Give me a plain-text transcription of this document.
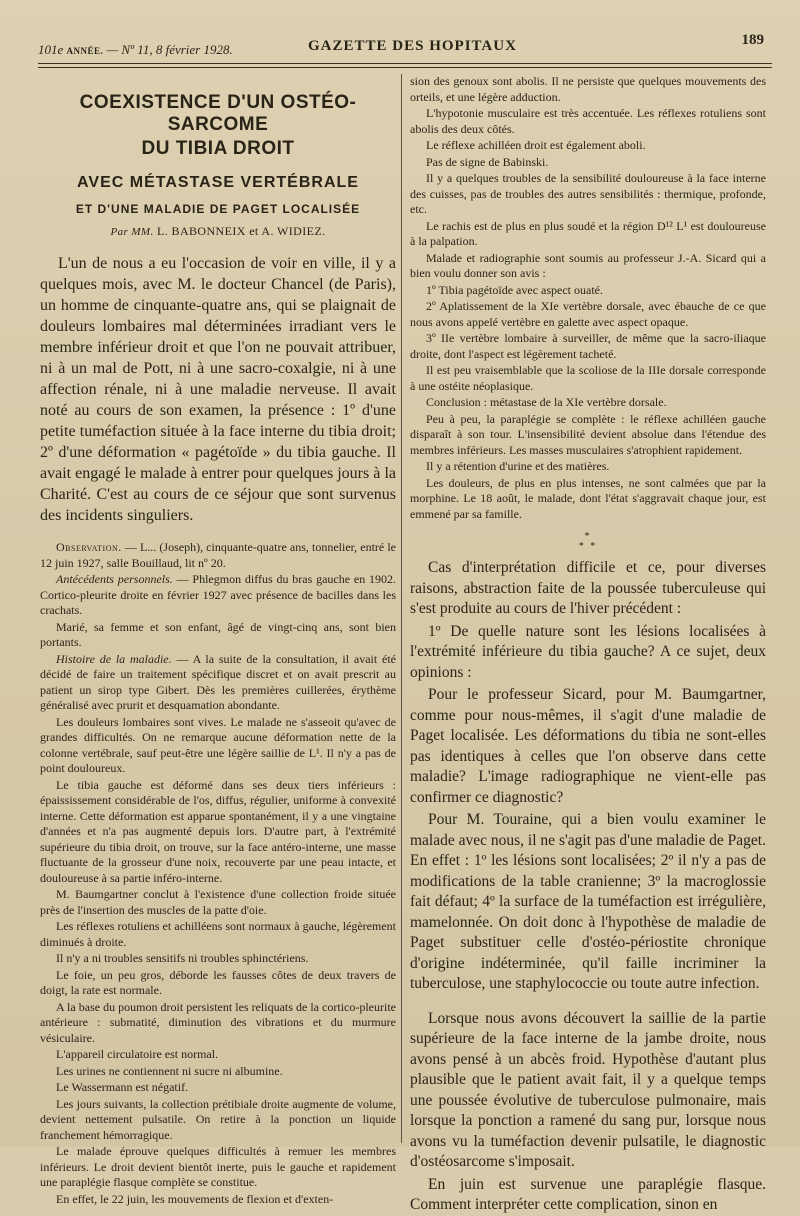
101e ANNÉE. — Nº 11, 8 février 1928.	GAZETTE DES HOPITAUX	189
COEXISTENCE D'UN OSTÉO-SARCOME
DU TIBIA DROIT
AVEC MÉTASTASE VERTÉBRALE
ET D'UNE MALADIE DE PAGET LOCALISÉE
Par MM. L. BABONNEIX et A. WIDIEZ.
L'un de nous a eu l'occasion de voir en ville, il y a quelques mois, avec M. le docteur Chancel (de Paris), un homme de cinquante-quatre ans, qui se plaignait de douleurs lombaires mal déterminées irradiant vers le membre inférieur droit et que l'on ne pouvait attribuer, ni à un mal de Pott, ni à une sacro-coxalgie, ni à une affection rénale, ni à une maladie nerveuse. Il avait noté au cours de son examen, la présence : 1º d'une petite tuméfaction située à la face interne du tibia droit; 2º d'une déformation « pagétoïde » du tibia gauche. Il avait engagé le malade à entrer pour quelques jours à la Charité. C'est au cours de ce séjour que sont survenus des incidents singuliers.

Observation. — L... (Joseph), cinquante-quatre ans, tonnelier, entré le 12 juin 1927, salle Bouillaud, lit nº 20.

Antécédents personnels. — Phlegmon diffus du bras gauche en 1902. Cortico-pleurite droite en février 1927 avec présence de bacilles dans les crachats.

Marié, sa femme et son enfant, âgé de vingt-cinq ans, sont bien portants.

Histoire de la maladie. — A la suite de la consultation, il avait été décidé de faire un traitement spécifique discret et on avait prescrit au patient un sirop type Gibert. Dès les premières cuillerées, érythème généralisé avec prurit et desquamation abondante.

Les douleurs lombaires sont vives. Le malade ne s'asseoit qu'avec de grandes difficultés. On ne remarque aucune déformation nette de la colonne vertébrale, sauf peut-être une légère saillie de L¹. Il n'y a pas de point douloureux.

Le tibia gauche est déformé dans ses deux tiers inférieurs : épaississement considérable de l'os, diffus, régulier, uniforme à convexité interne. Cette déformation est apparue spontanément, il y a une vingtaine d'années et n'a pas augmenté depuis lors. D'autre part, à l'extrémité supérieure du tibia droit, on trouve, sur la face antéro-interne, une masse fluctuante de la grosseur d'une noix, recouverte par une peau intacte, et douloureuse à sa partie inféro-interne.

M. Baumgartner conclut à l'existence d'une collection froide située près de l'insertion des muscles de la patte d'oie.

Les réflexes rotuliens et achilléens sont normaux à gauche, légèrement diminués à droite.

Il n'y a ni troubles sensitifs ni troubles sphinctériens.

Le foie, un peu gros, déborde les fausses côtes de deux travers de doigt, la rate est normale.

A la base du poumon droit persistent les reliquats de la cortico-pleurite antérieure : submatité, diminution des vibrations et du murmure vésiculaire.

L'appareil circulatoire est normal.

Les urines ne contiennent ni sucre ni albumine.

Le Wassermann est négatif.

Les jours suivants, la collection prétibiale droite augmente de volume, devient nettement pulsatile. On retire à la ponction un liquide franchement hémorragique.

Le malade éprouve quelques difficultés à remuer les membres inférieurs. Le droit devient bientôt inerte, puis le gauche et rapidement une paraplégie flasque complète se constitue.

En effet, le 22 juin, les mouvements de flexion et d'exten-

sion des genoux sont abolis. Il ne persiste que quelques mouvements des orteils, et une légère adduction.

L'hypotonie musculaire est très accentuée. Les réflexes rotuliens sont abolis des deux côtés.

Le réflexe achilléen droit est également aboli.

Pas de signe de Babinski.

Il y a quelques troubles de la sensibilité douloureuse à la face interne des cuisses, pas de troubles des autres sensibilités : thermique, profonde, etc.

Le rachis est de plus en plus soudé et la région D¹² L¹ est douloureuse à la palpation.

Malade et radiographie sont soumis au professeur J.-A. Sicard qui a bien voulu donner son avis :

1º Tibia pagétoïde avec aspect ouaté.

2º Aplatissement de la XIe vertèbre dorsale, avec ébauche de ce que nous avons appelé vertèbre en galette avec aspect opaque.

3º IIe vertèbre lombaire à surveiller, de même que la sacro-iliaque droite, dont l'aspect est légèrement tacheté.

Il est peu vraisemblable que la scoliose de la IIIe dorsale corresponde à une ostéite néoplasique.

Conclusion : métastase de la XIe vertèbre dorsale.

Peu à peu, la paraplégie se complète : le réflexe achilléen gauche disparaît à son tour. L'insensibilité devient absolue dans l'étendue des membres inférieurs. Les masses musculaires s'atrophient rapidement.

Il y a rétention d'urine et des matières.

Les douleurs, de plus en plus intenses, ne sont calmées que par la morphine. Le 18 août, le malade, dont l'état s'aggravait chaque jour, est emmené par sa famille.

*
* *

Cas d'interprétation difficile et ce, pour diverses raisons, abstraction faite de la poussée tuberculeuse qui s'est produite au cours de l'hiver précédent :

1º De quelle nature sont les lésions localisées à l'extrémité inférieure du tibia gauche? A ce sujet, deux opinions :

Pour le professeur Sicard, pour M. Baumgartner, comme pour nous-mêmes, il s'agit d'une maladie de Paget localisée. Les déformations du tibia ne sont-elles pas identiques à celles que l'on observe dans cette maladie? L'image radiographique ne vient-elle pas confirmer ce diagnostic?

Pour M. Touraine, qui a bien voulu examiner le malade avec nous, il ne s'agit pas d'une maladie de Paget. En effet : 1º les lésions sont localisées; 2º il n'y a pas de modifications de la table cranienne; 3º la macroglossie fait défaut; 4º la surface de la tuméfaction est irrégulière, mamelonnée. On doit donc à l'hypothèse de maladie de Paget substituer celle d'ostéo-périostite chronique d'origine indéterminée, qu'il faille incriminer la tuberculose, une staphylococcie ou toute autre infection.

Lorsque nous avons découvert la saillie de la partie supérieure de la face interne de la jambe droite, nous avons pensé à un abcès froid. Hypothèse d'autant plus plausible que le patient avait fait, il y a quelque temps une poussée évolutive de tuberculose pulmonaire, mais lorsque la ponction a ramené du sang pur, lorsque nous avons vu la tuméfaction devenir pulsatile, le diagnostic d'ostéosarcome s'imposait.

En juin est survenue une paraplégie flasque. Comment interpréter cette complication, sinon en
